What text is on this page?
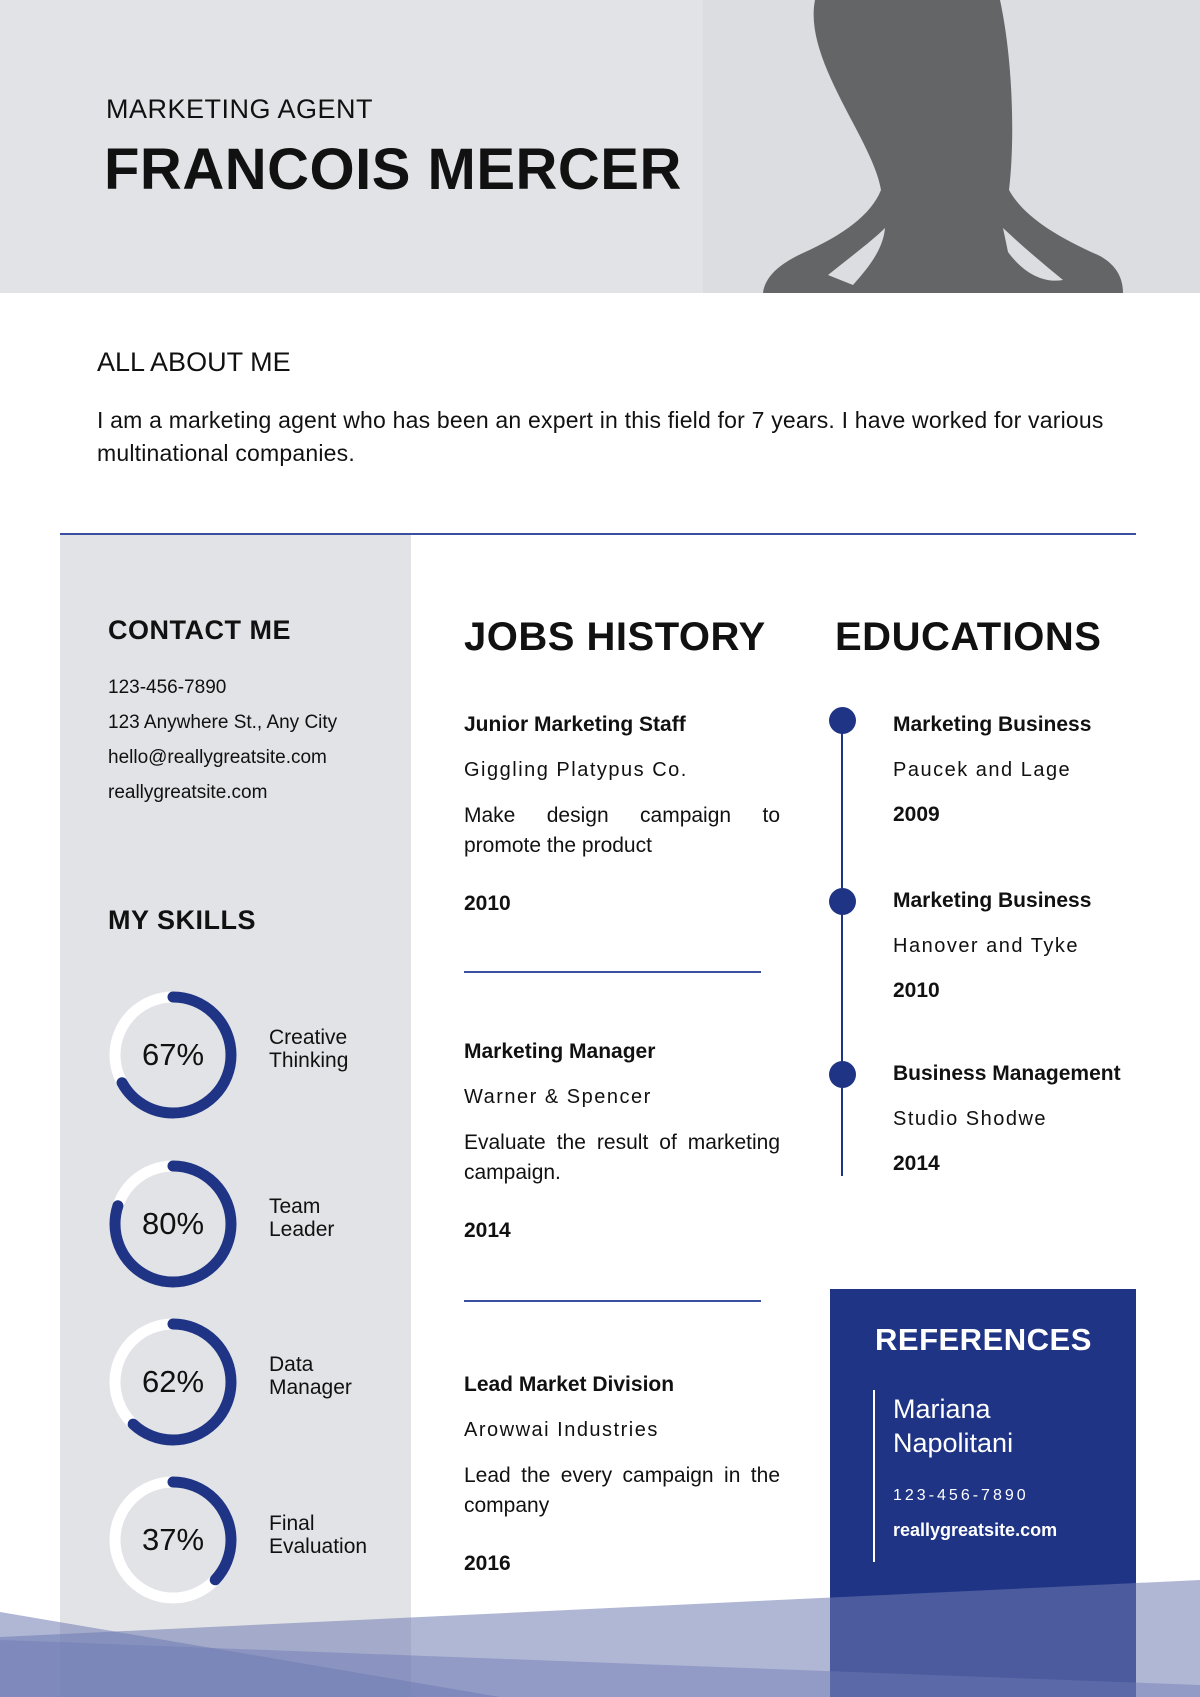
MARKETING AGENT
FRANCOIS MERCER
ALL ABOUT ME
I am a marketing agent who has been an expert in this field for 7 years. I have worked for various multinational companies.
CONTACT ME
123-456-7890
123 Anywhere St., Any City
hello@reallygreatsite.com
reallygreatsite.com
MY SKILLS
67%	Creative
Thinking
80%	Team
Leader
62%	Data
Manager
37%	Final
Evaluation
JOBS HISTORY
Junior Marketing Staff
Giggling Platypus Co.
Make design campaign to promote the product
2010
Marketing Manager
Warner & Spencer
Evaluate the result of marketing campaign.
2014
Lead Market Division
Arowwai Industries
Lead the every campaign in the company
2016
EDUCATIONS
Marketing Business
Paucek and Lage
2009
Marketing Business
Hanover and Tyke
2010
Business Management
Studio Shodwe
2014
REFERENCES
Mariana Napolitani
123-456-7890
reallygreatsite.com
